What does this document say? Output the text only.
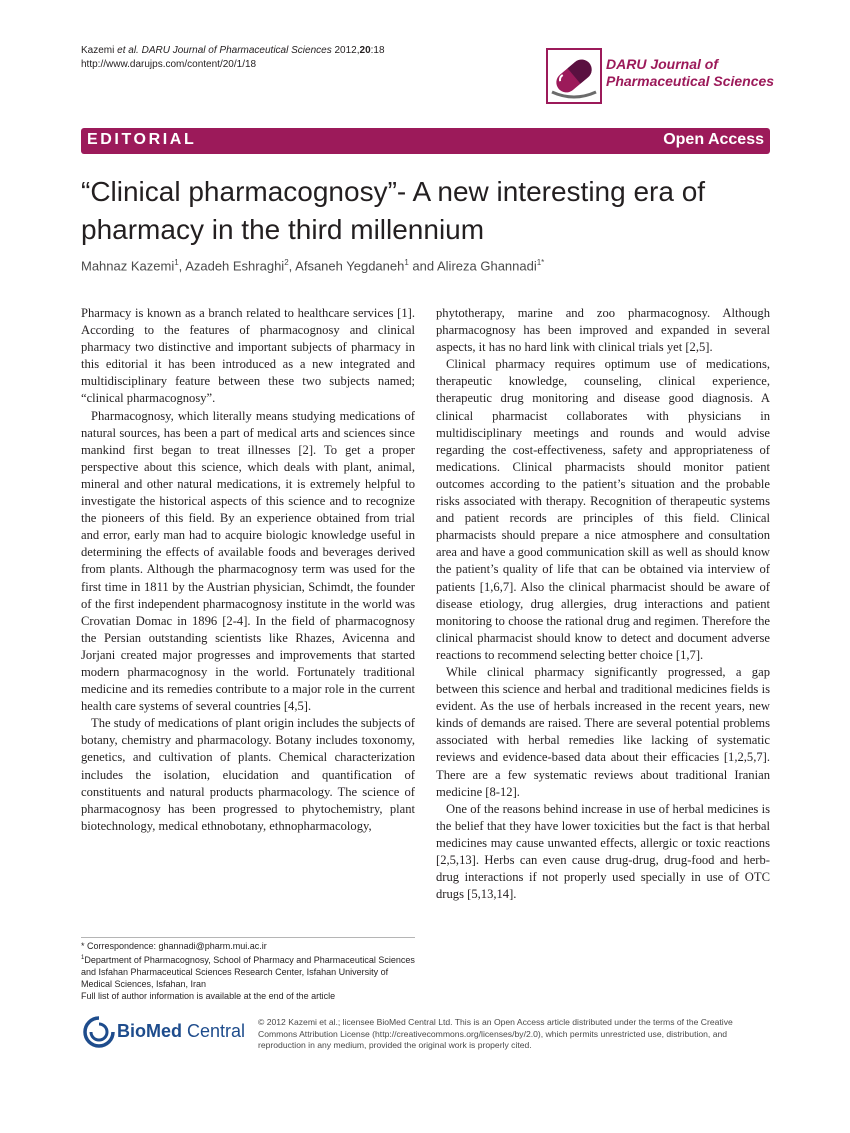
Kazemi et al. DARU Journal of Pharmaceutical Sciences 2012,20:18
http://www.darujps.com/content/20/1/18	DARU Journal of
Pharmaceutical Sciences
EDITORIAL	Open Access
“Clinical pharmacognosy”- A new interesting era of pharmacy in the third millennium
Mahnaz Kazemi$^1$, Azadeh Eshraghi$^2$, Afsaneh Yegdaneh$^1$ and Alireza Ghannadi$^{1*}$

Pharmacy is known as a branch related to healthcare services [1]. According to the features of pharmacognosy and clinical pharmacy two distinctive and important subjects of pharmacy in this editorial it has been introduced as a new integrated and multidisciplinary feature between these two subjects named; “clinical pharmacognosy”.

Pharmacognosy, which literally means studying medications of natural sources, has been a part of medical arts and sciences since mankind first began to treat illnesses [2]. To get a proper perspective about this science, which deals with plant, animal, mineral and other natural medications, it is extremely helpful to investigate the historical aspects of this science and to recognize the pioneers of this field. By an experience obtained from trial and error, early man had to acquire biologic knowledge useful in determining the effects of available foods and beverages derived from plants. Although the pharmacognosy term was used for the first time in 1811 by the Austrian physician, Schimdt, the founder of the first independent pharmacognosy institute in the world was Crovatian Domac in 1896 [2-4]. In the field of pharmacognosy the Persian outstanding scientists like Rhazes, Avicenna and Jorjani created major progresses and improvements that started modern pharmacognosy in the world. Fortunately traditional medicine and its remedies contribute to a major role in the current health care systems of several countries [4,5].

The study of medications of plant origin includes the subjects of botany, chemistry and pharmacology. Botany includes toxonomy, genetics, and cultivation of plants. Chemical characterization includes the isolation, elucidation and quantification of constituents and natural products pharmacology. The science of pharmacognosy has been progressed to phytochemistry, plant biotechnology, medical ethnobotany, ethnopharmacology,

phytotherapy, marine and zoo pharmacognosy. Although pharmacognosy has been improved and expanded in several aspects, it has no hard link with clinical trials yet [2,5].

Clinical pharmacy requires optimum use of medications, therapeutic knowledge, counseling, clinical experience, therapeutic drug monitoring and disease good diagnosis. A clinical pharmacist collaborates with physicians in multidisciplinary meetings and rounds and would advise regarding the cost-effectiveness, safety and appropriateness of medications. Clinical pharmacists should monitor patient outcomes according to the patient’s situation and the probable risks associated with therapy. Recognition of therapeutic systems and patient records are principles of this field. Clinical pharmacists should prepare a nice atmosphere and consultation area and have a good communication skill as well as should know the patient’s quality of life that can be obtained via interview of patients [1,6,7]. Also the clinical pharmacist should be aware of disease etiology, drug allergies, drug interactions and patient monitoring to choose the rational drug and regimen. Therefore the clinical pharmacist should know to detect and document adverse reactions to recommend selecting better choice [1,7].

While clinical pharmacy significantly progressed, a gap between this science and herbal and traditional medicines fields is evident. As the use of herbals increased in the recent years, new kinds of demands are raised. There are several potential problems associated with herbal remedies like lacking of systematic reviews and evidence-based data about their efficacies [1,2,5,7]. There are a few systematic reviews about traditional Iranian medicine [8-12].

One of the reasons behind increase in use of herbal medicines is the belief that they have lower toxicities but the fact is that herbal medicines may cause unwanted effects, allergic or toxic reactions [2,5,13]. Herbs can even cause drug-drug, drug-food and herb-drug interactions if not properly used specially in use of OTC drugs [5,13,14].

* Correspondence: ghannadi@pharm.mui.ac.ir

$^1$Department of Pharmacognosy, School of Pharmacy and Pharmaceutical Sciences and Isfahan Pharmaceutical Sciences Research Center, Isfahan University of Medical Sciences, Isfahan, Iran

Full list of author information is available at the end of the article

BioMed Central © 2012 Kazemi et al.; licensee BioMed Central Ltd. This is an Open Access article distributed under the terms of the Creative Commons Attribution License (http://creativecommons.org/licenses/by/2.0), which permits unrestricted use, distribution, and reproduction in any medium, provided the original work is properly cited.
